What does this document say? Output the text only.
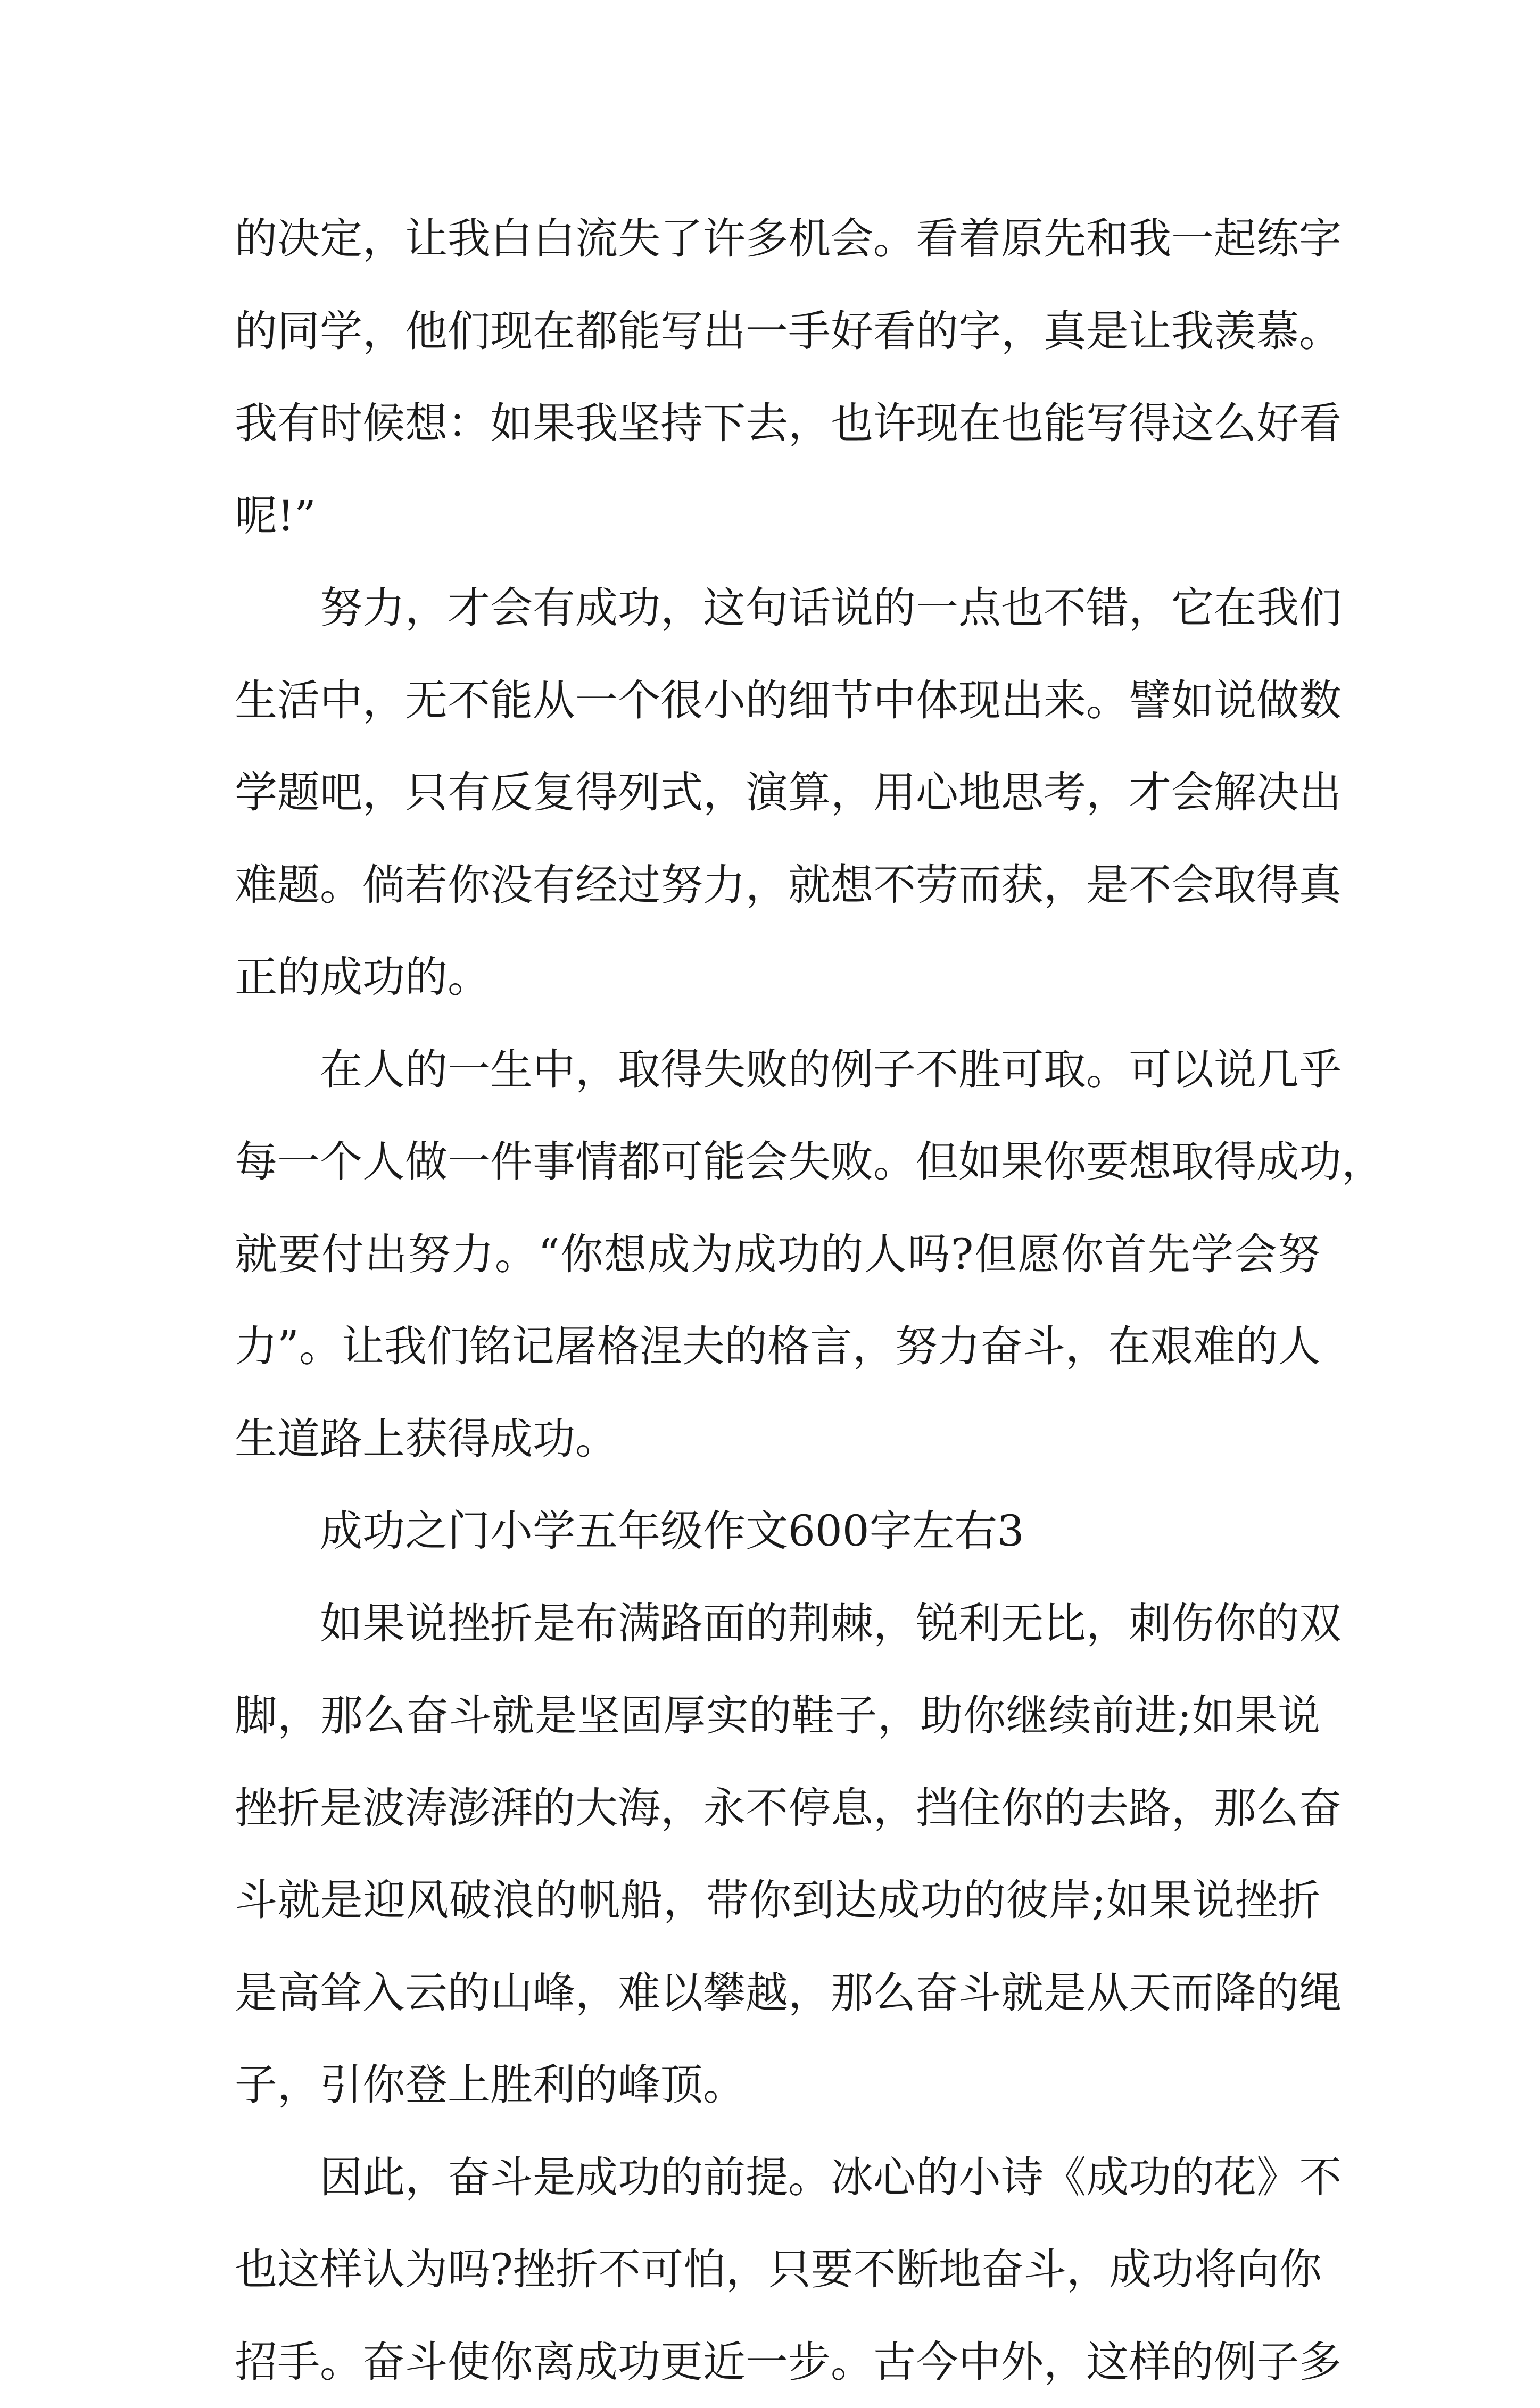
的决定，让我白白流失了许多机会。看着原先和我一起练字
的同学，他们现在都能写出一手好看的字，真是让我羡慕。
我有时候想：如果我坚持下去，也许现在也能写得这么好看
呢!”
努力，才会有成功，这句话说的一点也不错，它在我们
生活中，无不能从一个很小的细节中体现出来。譬如说做数
学题吧，只有反复得列式，演算，用心地思考，才会解决出
难题。倘若你没有经过努力，就想不劳而获，是不会取得真
正的成功的。
在人的一生中，取得失败的例子不胜可取。可以说几乎
每一个人做一件事情都可能会失败。但如果你要想取得成功，
就要付出努力。“你想成为成功的人吗?但愿你首先学会努
力”。让我们铭记屠格涅夫的格言，努力奋斗，在艰难的人
生道路上获得成功。
成功之门小学五年级作文600字左右3
如果说挫折是布满路面的荆棘，锐利无比，刺伤你的双
脚，那么奋斗就是坚固厚实的鞋子，助你继续前进;如果说
挫折是波涛澎湃的大海，永不停息，挡住你的去路，那么奋
斗就是迎风破浪的帆船，带你到达成功的彼岸;如果说挫折
是高耸入云的山峰，难以攀越，那么奋斗就是从天而降的绳
子，引你登上胜利的峰顶。
因此，奋斗是成功的前提。冰心的小诗《成功的花》不
也这样认为吗?挫折不可怕，只要不断地奋斗，成功将向你
招手。奋斗使你离成功更近一步。古今中外，这样的例子多
